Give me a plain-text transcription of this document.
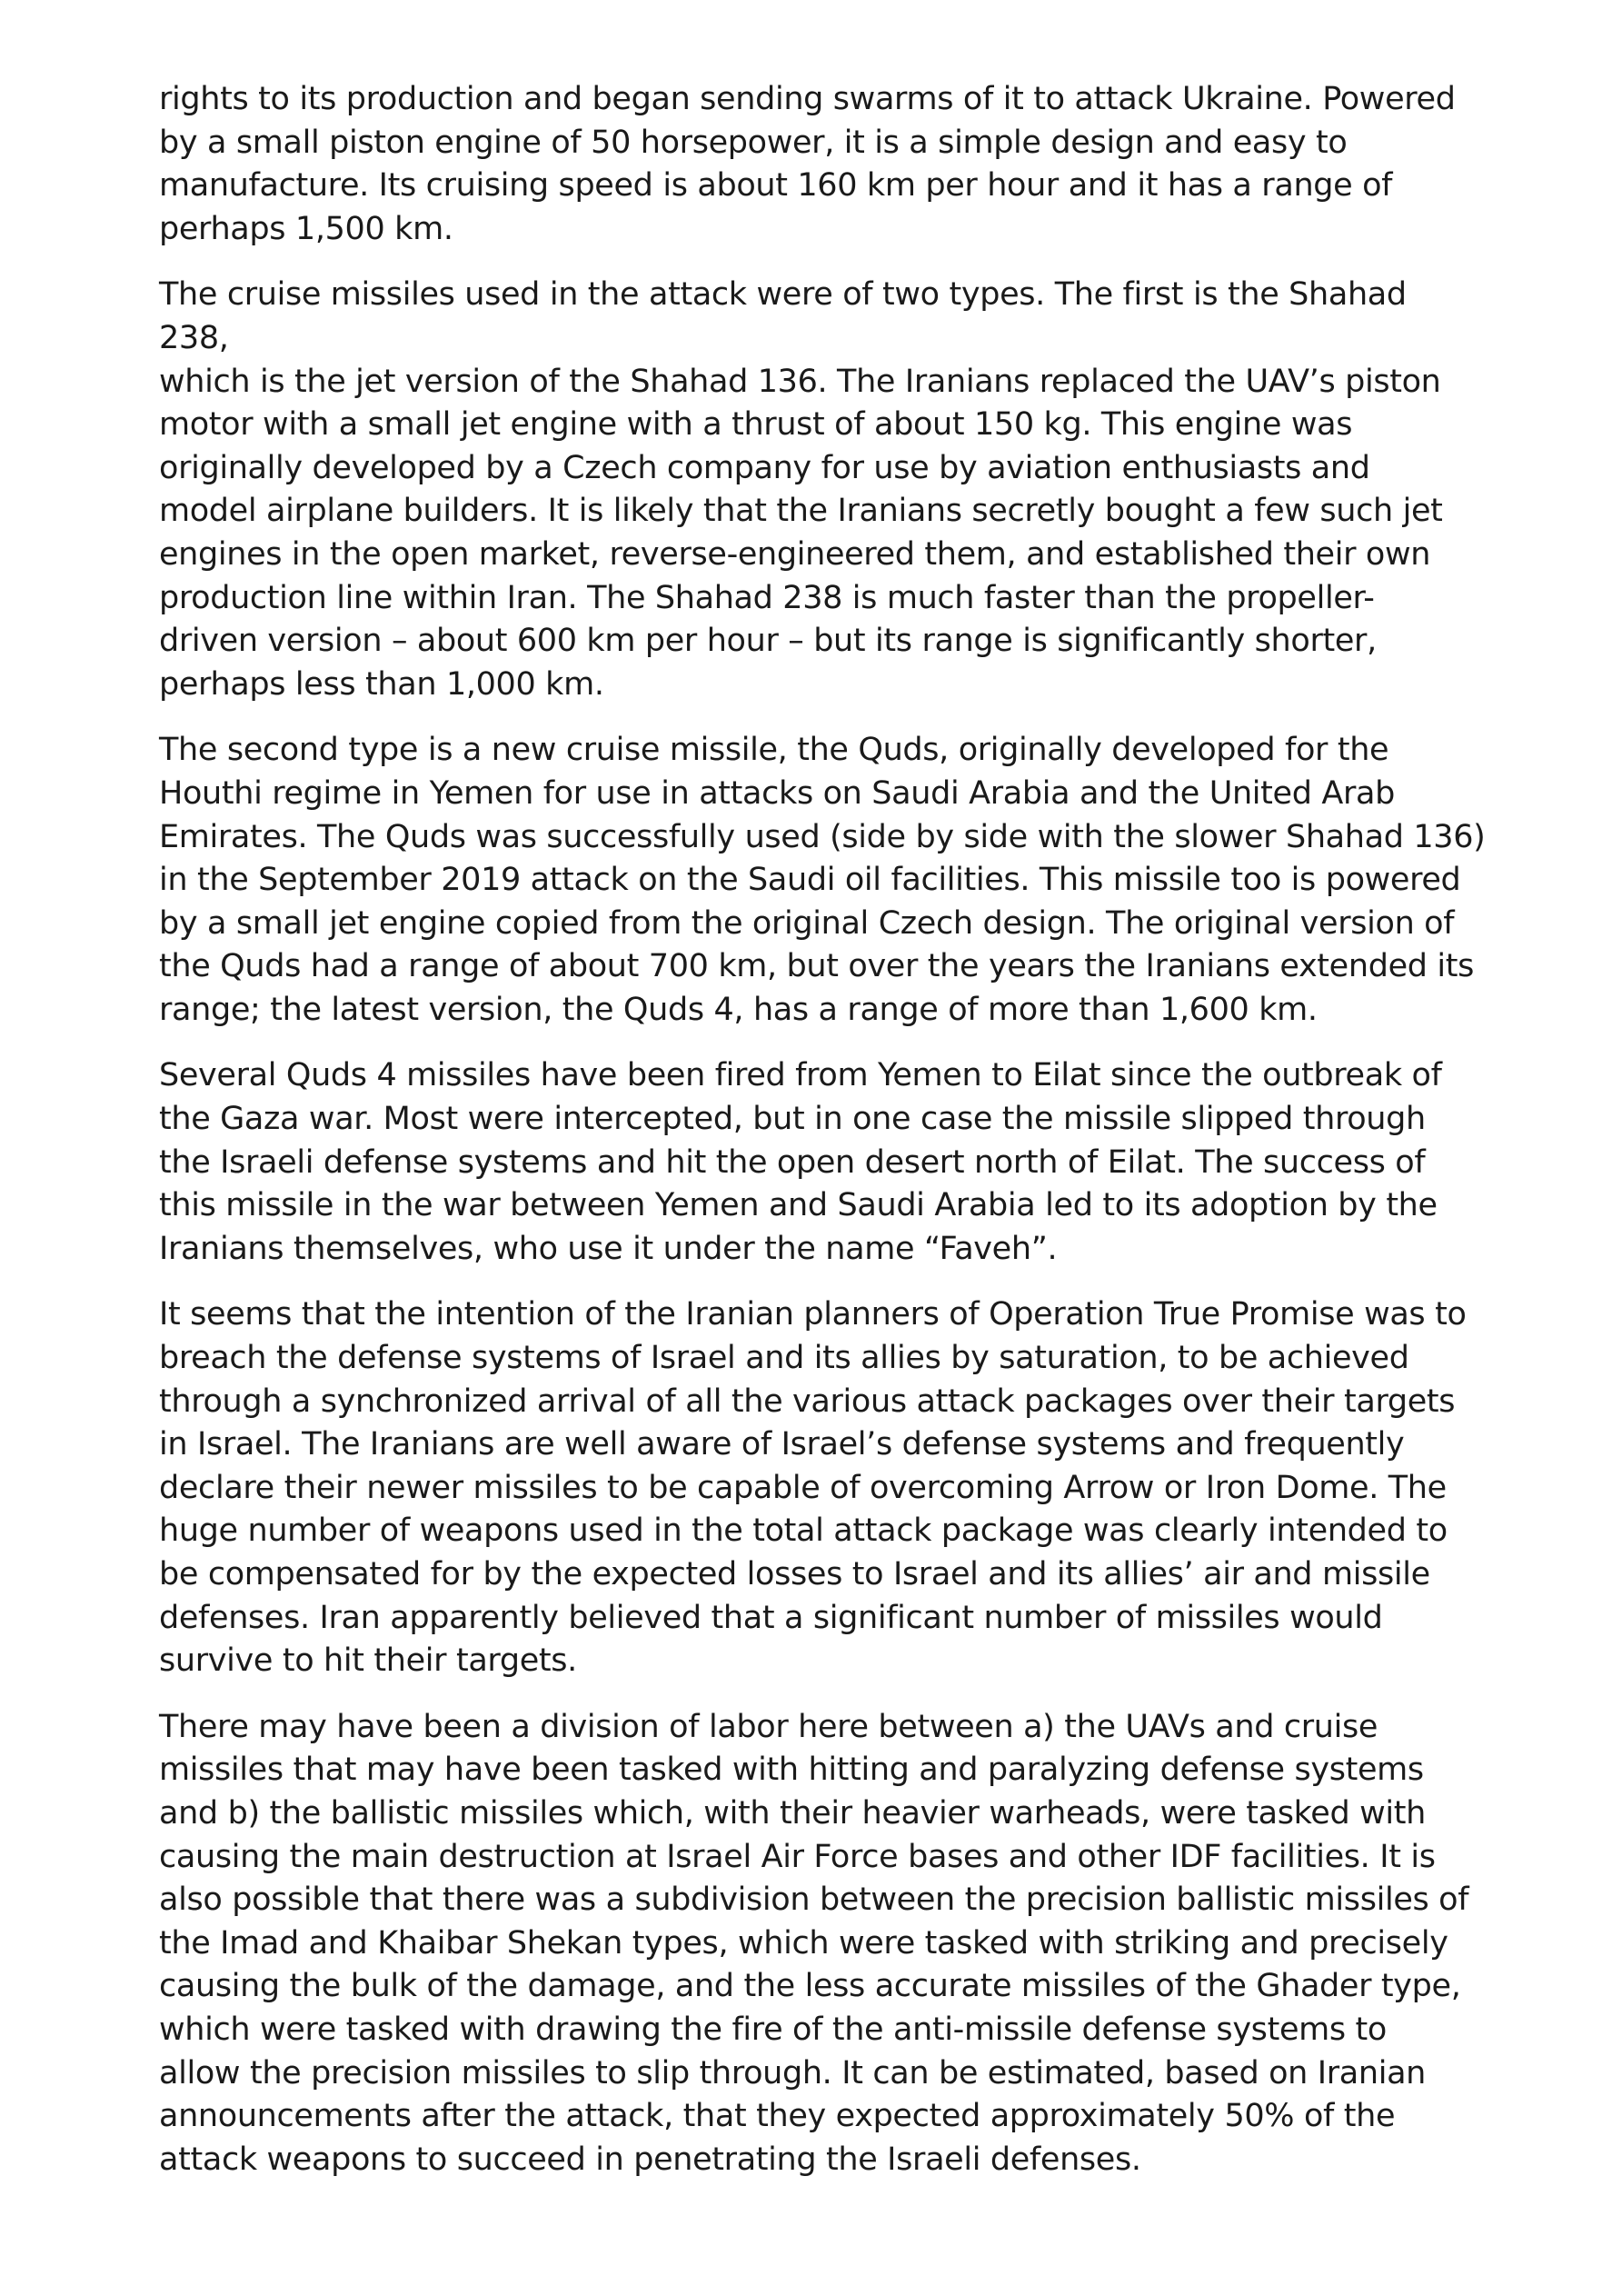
rights to its production and began sending swarms of it to attack Ukraine. Powered
by a small piston engine of 50 horsepower, it is a simple design and easy to
manufacture. Its cruising speed is about 160 km per hour and it has a range of
perhaps 1,500 km.

The cruise missiles used in the attack were of two types. The first is the Shahad 238,
which is the jet version of the Shahad 136. The Iranians replaced the UAV’s piston
motor with a small jet engine with a thrust of about 150 kg. This engine was
originally developed by a Czech company for use by aviation enthusiasts and
model airplane builders. It is likely that the Iranians secretly bought a few such jet
engines in the open market, reverse-engineered them, and established their own
production line within Iran. The Shahad 238 is much faster than the propeller-
driven version – about 600 km per hour – but its range is significantly shorter,
perhaps less than 1,000 km.

The second type is a new cruise missile, the Quds, originally developed for the
Houthi regime in Yemen for use in attacks on Saudi Arabia and the United Arab
Emirates. The Quds was successfully used (side by side with the slower Shahad 136)
in the September 2019 attack on the Saudi oil facilities. This missile too is powered
by a small jet engine copied from the original Czech design. The original version of
the Quds had a range of about 700 km, but over the years the Iranians extended its
range; the latest version, the Quds 4, has a range of more than 1,600 km.

Several Quds 4 missiles have been fired from Yemen to Eilat since the outbreak of
the Gaza war. Most were intercepted, but in one case the missile slipped through
the Israeli defense systems and hit the open desert north of Eilat. The success of
this missile in the war between Yemen and Saudi Arabia led to its adoption by the
Iranians themselves, who use it under the name “Faveh”.

It seems that the intention of the Iranian planners of Operation True Promise was to
breach the defense systems of Israel and its allies by saturation, to be achieved
through a synchronized arrival of all the various attack packages over their targets
in Israel. The Iranians are well aware of Israel’s defense systems and frequently
declare their newer missiles to be capable of overcoming Arrow or Iron Dome. The
huge number of weapons used in the total attack package was clearly intended to
be compensated for by the expected losses to Israel and its allies’ air and missile
defenses. Iran apparently believed that a significant number of missiles would
survive to hit their targets.

There may have been a division of labor here between a) the UAVs and cruise
missiles that may have been tasked with hitting and paralyzing defense systems
and b) the ballistic missiles which, with their heavier warheads, were tasked with
causing the main destruction at Israel Air Force bases and other IDF facilities. It is
also possible that there was a subdivision between the precision ballistic missiles of
the Imad and Khaibar Shekan types, which were tasked with striking and precisely
causing the bulk of the damage, and the less accurate missiles of the Ghader type,
which were tasked with drawing the fire of the anti-missile defense systems to
allow the precision missiles to slip through. It can be estimated, based on Iranian
announcements after the attack, that they expected approximately 50% of the
attack weapons to succeed in penetrating the Israeli defenses.
